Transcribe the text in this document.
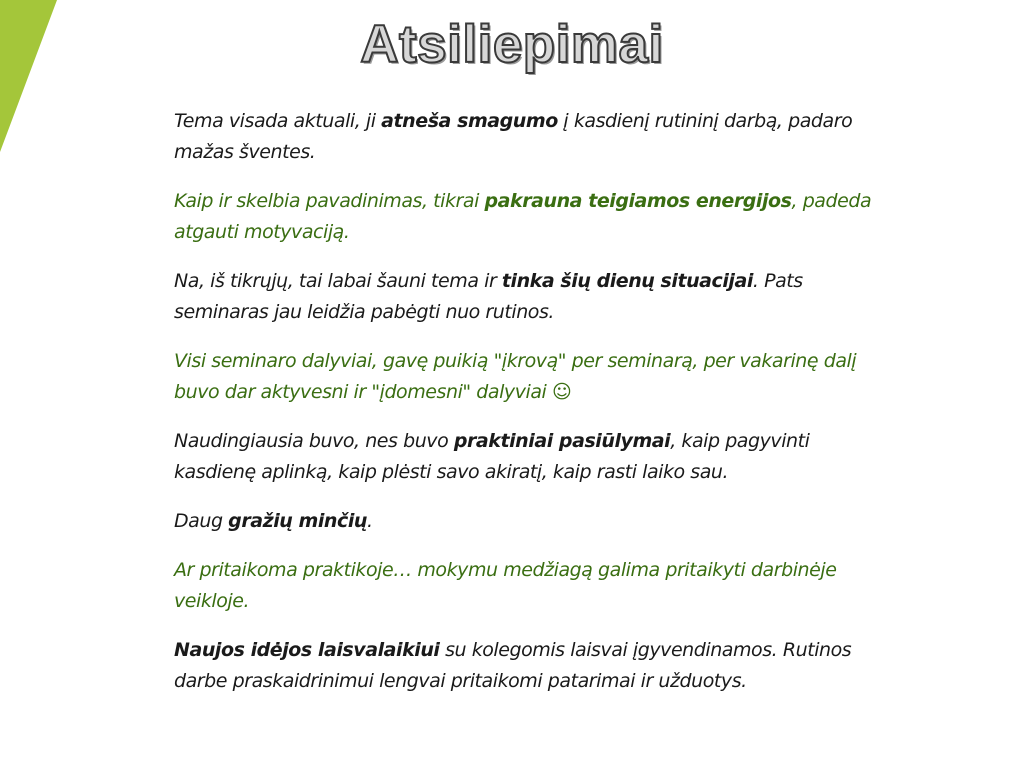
Atsiliepimai

Tema visada aktuali, ji atneša smagumo į kasdienį rutininį darbą, padaro mažas šventes.

Kaip ir skelbia pavadinimas, tikrai pakrauna teigiamos energijos, padeda atgauti motyvaciją.

Na, iš tikrųjų, tai labai šauni tema ir tinka šių dienų situacijai. Pats seminaras jau leidžia pabėgti nuo rutinos.

Visi seminaro dalyviai, gavę puikią "įkrovą" per seminarą, per vakarinę dalį buvo dar aktyvesni ir "įdomesni" dalyviai ☺

Naudingiausia buvo, nes buvo praktiniai pasiūlymai, kaip pagyvinti kasdienę aplinką, kaip plėsti savo akiratį, kaip rasti laiko sau.

Daug gražių minčių.

Ar pritaikoma praktikoje… mokymu medžiagą galima pritaikyti darbinėje veikloje.

Naujos idėjos laisvalaikiui su kolegomis laisvai įgyvendinamos. Rutinos darbe praskaidrinimui lengvai pritaikomi patarimai ir užduotys.
